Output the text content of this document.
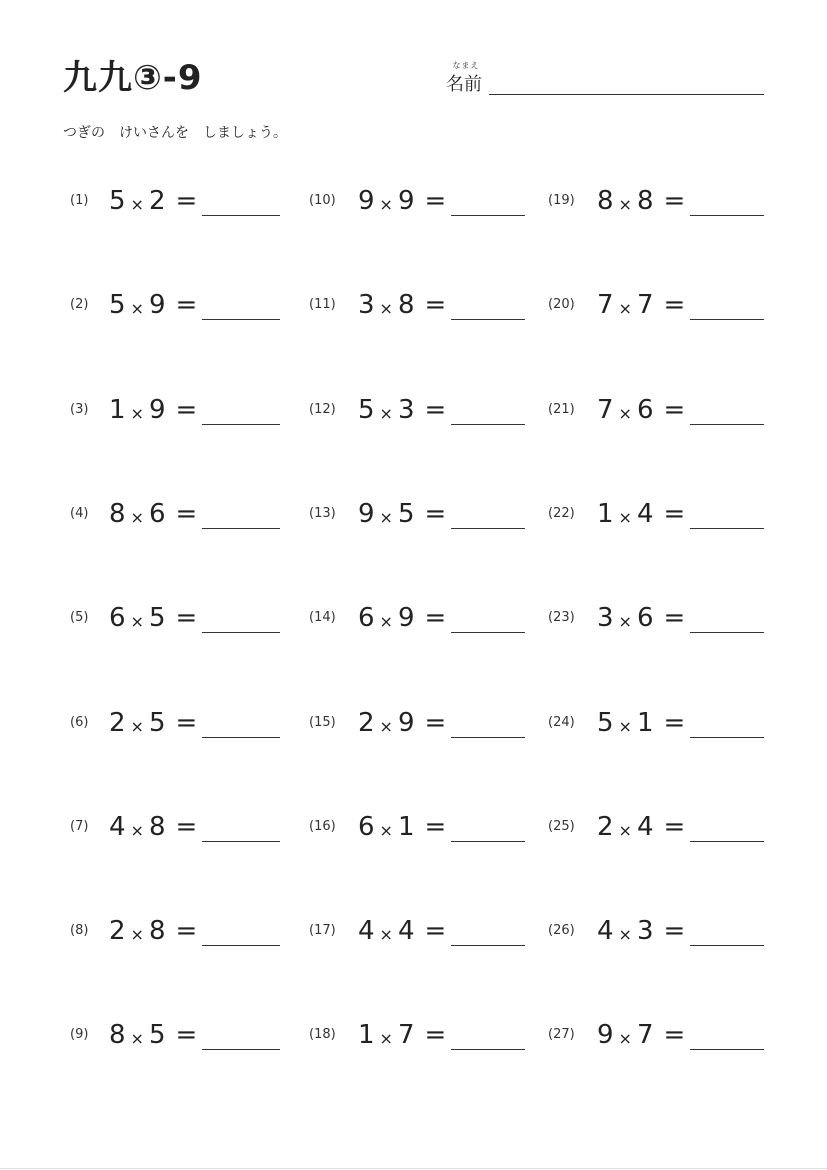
九九③-9	なまえ
名前
つぎの　けいさんを　しましょう。
(1) 5 × 2 =
(2) 5 × 9 =
(3) 1 × 9 =
(4) 8 × 6 =
(5) 6 × 5 =
(6) 2 × 5 =
(7) 4 × 8 =
(8) 2 × 8 =
(9) 8 × 5 =
(10) 9 × 9 =
(11) 3 × 8 =
(12) 5 × 3 =
(13) 9 × 5 =
(14) 6 × 9 =
(15) 2 × 9 =
(16) 6 × 1 =
(17) 4 × 4 =
(18) 1 × 7 =
(19) 8 × 8 =
(20) 7 × 7 =
(21) 7 × 6 =
(22) 1 × 4 =
(23) 3 × 6 =
(24) 5 × 1 =
(25) 2 × 4 =
(26) 4 × 3 =
(27) 9 × 7 =
